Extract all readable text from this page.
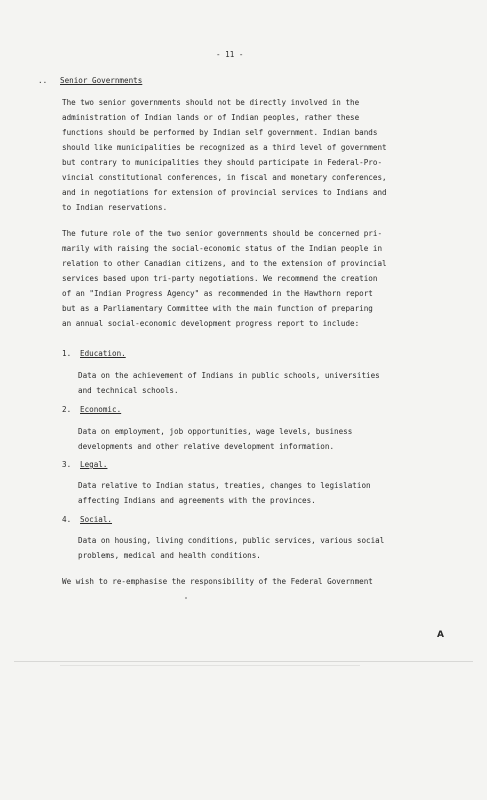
- 11 -
.. Senior Governments
The two senior governments should not be directly involved in the
administration of Indian lands or of Indian peoples, rather these
functions should be performed by Indian self government. Indian bands
should like municipalities be recognized as a third level of government
but contrary to municipalities they should participate in Federal-Pro-
vincial constitutional conferences, in fiscal and monetary conferences,
and in negotiations for extension of provincial services to Indians and
to Indian reservations.
The future role of the two senior governments should be concerned pri-
marily with raising the social-economic status of the Indian people in
relation to other Canadian citizens, and to the extension of provincial
services based upon tri-party negotiations. We recommend the creation
of an "Indian Progress Agency" as recommended in the Hawthorn report
but as a Parliamentary Committee with the main function of preparing
an annual social-economic development progress report to include:
1. Education.
Data on the achievement of Indians in public schools, universities
and technical schools.
2. Economic.
Data on employment, job opportunities, wage levels, business
developments and other relative development information.
3. Legal.
Data relative to Indian status, treaties, changes to legislation
affecting Indians and agreements with the provinces.
4. Social.
Data on housing, living conditions, public services, various social
problems, medical and health conditions.
We wish to re-emphasise the responsibility of the Federal Government
A
